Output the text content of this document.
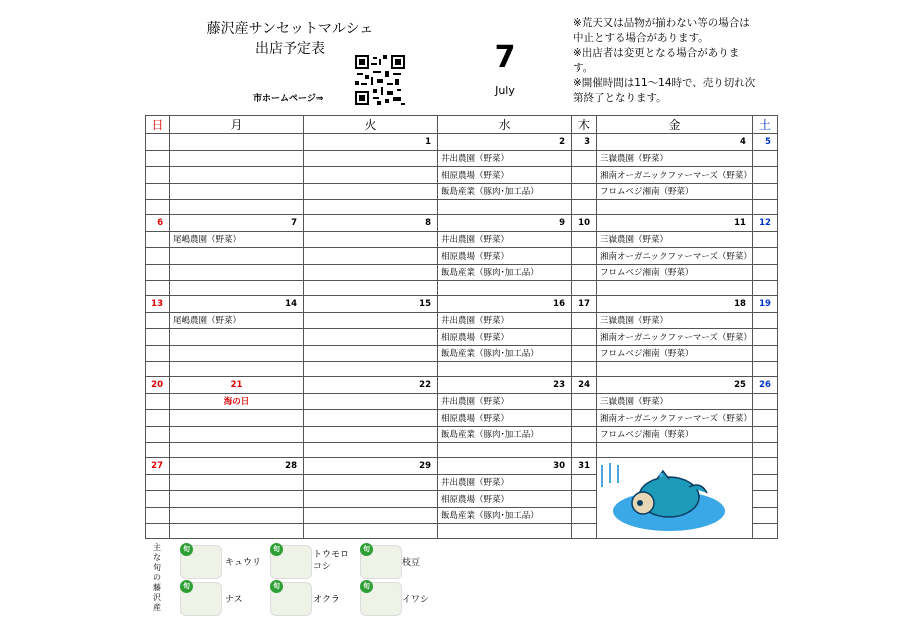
藤沢産サンセットマルシェ
出店予定表
市ホームページ⇒
7
July
※荒天又は品物が揃わない等の場合は中止とする場合があります。
※出店者は変更となる場合があります。
※開催時間は11～14時で、売り切れ次第終了となります。
日	月	火	水	木	金	土
		1	2	3	4	5
			井出農園（野菜）		三嶽農園（野菜）	
			相原農場（野菜）		湘南オーガニックファーマーズ（野菜）	
			飯島産業（豚肉･加工品）		フロムベジ湘南（野菜）	

6	7	8	9	10	11	12
	尾嶋農園（野菜）		井出農園（野菜）		三嶽農園（野菜）	
			相原農場（野菜）		湘南オーガニックファーマーズ（野菜）	
			飯島産業（豚肉･加工品）		フロムベジ湘南（野菜）	

13	14	15	16	17	18	19
	尾嶋農園（野菜）		井出農園（野菜）		三嶽農園（野菜）	
			相原農場（野菜）		湘南オーガニックファーマーズ（野菜）	
			飯島産業（豚肉･加工品）		フロムベジ湘南（野菜）	

20	21	22	23	24	25	26
	海の日		井出農園（野菜）		三嶽農園（野菜）	
			相原農場（野菜）		湘南オーガニックファーマーズ（野菜）	
			飯島産業（豚肉･加工品）		フロムベジ湘南（野菜）	

27	28	29	30	31	

			井出農園（野菜）			
			相原農場（野菜）			
			飯島産業（豚肉･加工品）			

主な旬の藤沢産
旬
キュウリ
旬
トウモロコシ
旬
枝豆
旬
ナス
旬
オクラ
旬
イワシ
